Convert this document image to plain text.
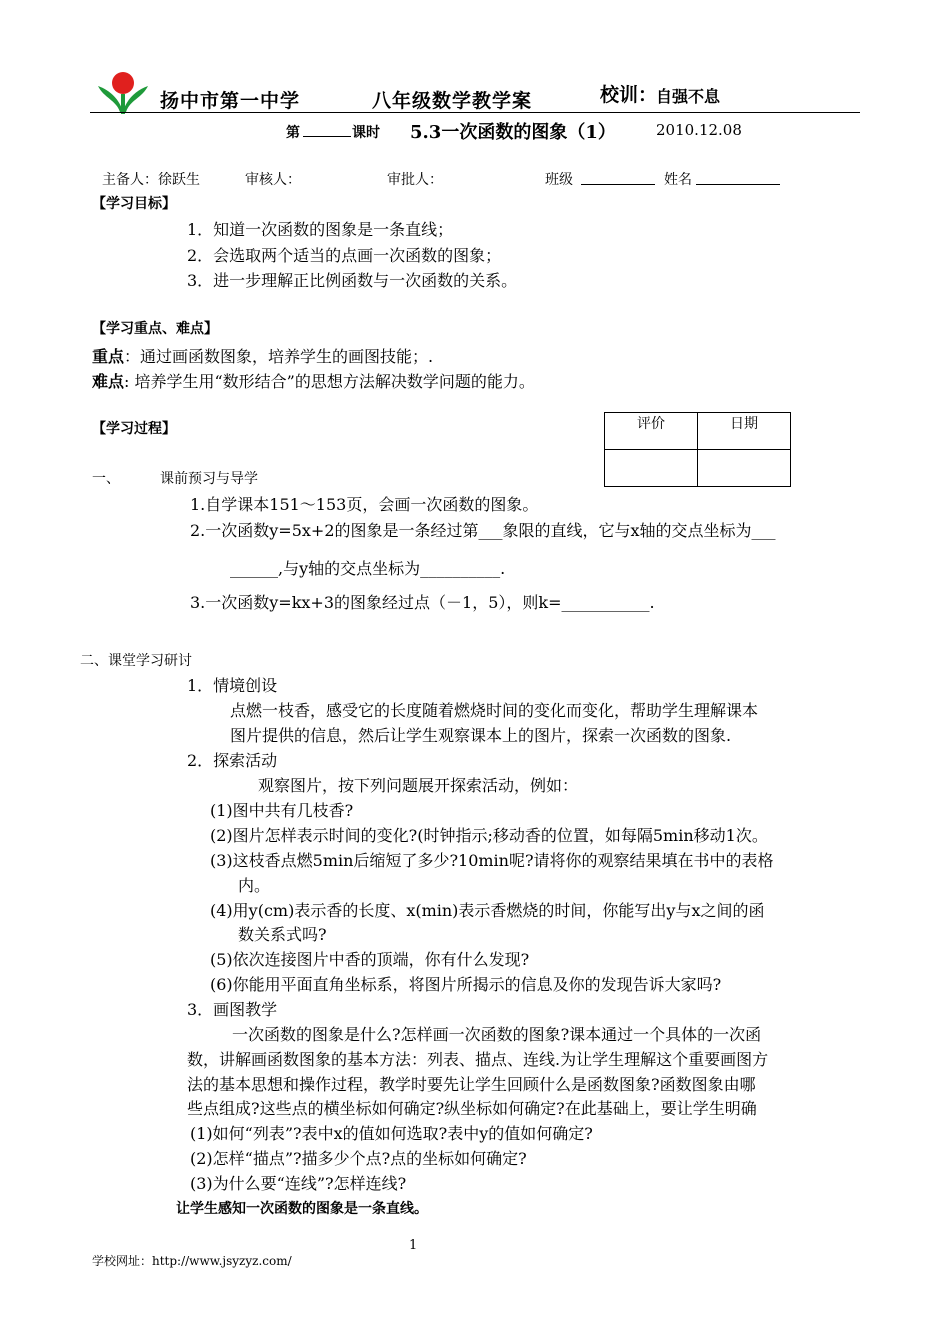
扬中市第一中学	八年级数学教学案	校训：
自强不息
第	课时 5.3一次函数的图象（1）	2010.12.08
主备人：徐跃生	审核人：	审批人：	班级	姓名
【学习目标】
1．知道一次函数的图象是一条直线；
2．会选取两个适当的点画一次函数的图象；
3．进一步理解正比例函数与一次函数的关系。
【学习重点、难点】
重点：通过画函数图象，培养学生的画图技能；.
难点: 培养学生用“数形结合”的思想方法解决数学问题的能力。
【学习过程】	评价	日期

一、	课前预习与导学
1.自学课本151～153页，会画一次函数的图象。
2.一次函数y=5x+2的图象是一条经过第___象限的直线，它与x轴的交点坐标为___
______,与y轴的交点坐标为__________.
3.一次函数y=kx+3的图象经过点（－1，5），则k=___________.
二、课堂学习研讨
1．情境创设
点燃一枝香，感受它的长度随着燃烧时间的变化而变化，帮助学生理解课本
图片提供的信息，然后让学生观察课本上的图片，探索一次函数的图象.
2．探索活动
观察图片，按下列问题展开探索活动，例如：
(1)图中共有几枝香?
(2)图片怎样表示时间的变化?(时钟指示;移动香的位置，如每隔5min移动1次。
(3)这枝香点燃5min后缩短了多少?10min呢?请将你的观察结果填在书中的表格
内。
(4)用y(cm)表示香的长度、x(min)表示香燃烧的时间，你能写出y与x之间的函
数关系式吗?
(5)依次连接图片中香的顶端，你有什么发现?
(6)你能用平面直角坐标系，将图片所揭示的信息及你的发现告诉大家吗?
3．画图教学
一次函数的图象是什么?怎样画一次函数的图象?课本通过一个具体的一次函
数，讲解画函数图象的基本方法：列表、描点、连线.为让学生理解这个重要画图方
法的基本思想和操作过程，教学时要先让学生回顾什么是函数图象?函数图象由哪
些点组成?这些点的横坐标如何确定?纵坐标如何确定?在此基础上，要让学生明确
(1)如何“列表”?表中x的值如何选取?表中y的值如何确定?
(2)怎样“描点”?描多少个点?点的坐标如何确定?
(3)为什么要“连线”?怎样连线?
让学生感知一次函数的图象是一条直线。
1
学校网址：http://www.jsyzyz.com/
